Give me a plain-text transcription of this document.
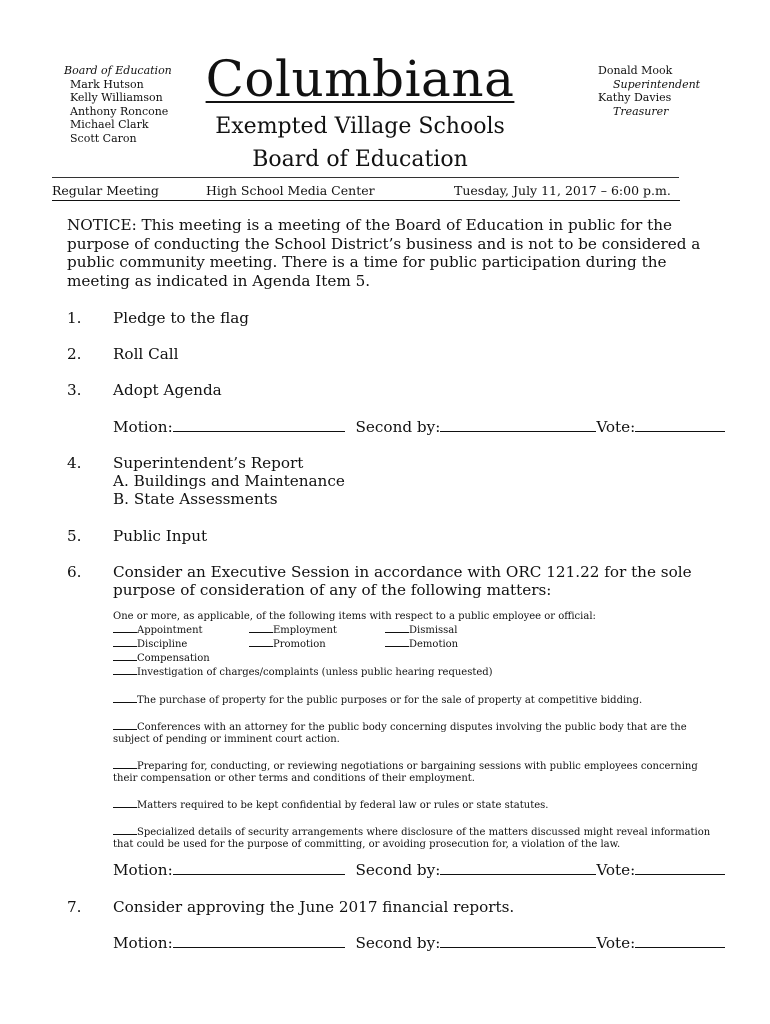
Board of Education
Mark Hutson
Kelly Williamson
Anthony Roncone
Michael Clark
Scott Caron
Columbiana
Exempted Village Schools
Board of Education
Donald Mook
Superintendent
Kathy Davies
Treasurer
Regular Meeting	High School Media Center	Tuesday, July 11, 2017 – 6:00 p.m.
NOTICE: This meeting is a meeting of the Board of Education in public for the purpose of conducting the School District’s business and is not to be considered a public community meeting. There is a time for public participation during the meeting as indicated in Agenda Item 5.
1. Pledge to the flag
2. Roll Call
3. Adopt Agenda
Motion:	Second by:	Vote:
4. Superintendent’s Report
A. Buildings and Maintenance
B. State Assessments
5. Public Input
6. Consider an Executive Session in accordance with ORC 121.22 for the sole
purpose of consideration of any of the following matters:
One or more, as applicable, of the following items with respect to a public employee or official:
Appointment	Employment	Dismissal
Discipline	Promotion	Demotion
Compensation
Investigation of charges/complaints (unless public hearing requested)
The purchase of property for the public purposes or for the sale of property at competitive bidding.
Conferences with an attorney for the public body concerning disputes involving the public body that are the subject of pending or imminent court action.
Preparing for, conducting, or reviewing negotiations or bargaining sessions with public employees concerning their compensation or other terms and conditions of their employment.
Matters required to be kept confidential by federal law or rules or state statutes.
Specialized details of security arrangements where disclosure of the matters discussed might reveal information that could be used for the purpose of committing, or avoiding prosecution for, a violation of the law.
Motion:	Second by:	Vote:
7. Consider approving the June 2017 financial reports.
Motion:	Second by:	Vote:
